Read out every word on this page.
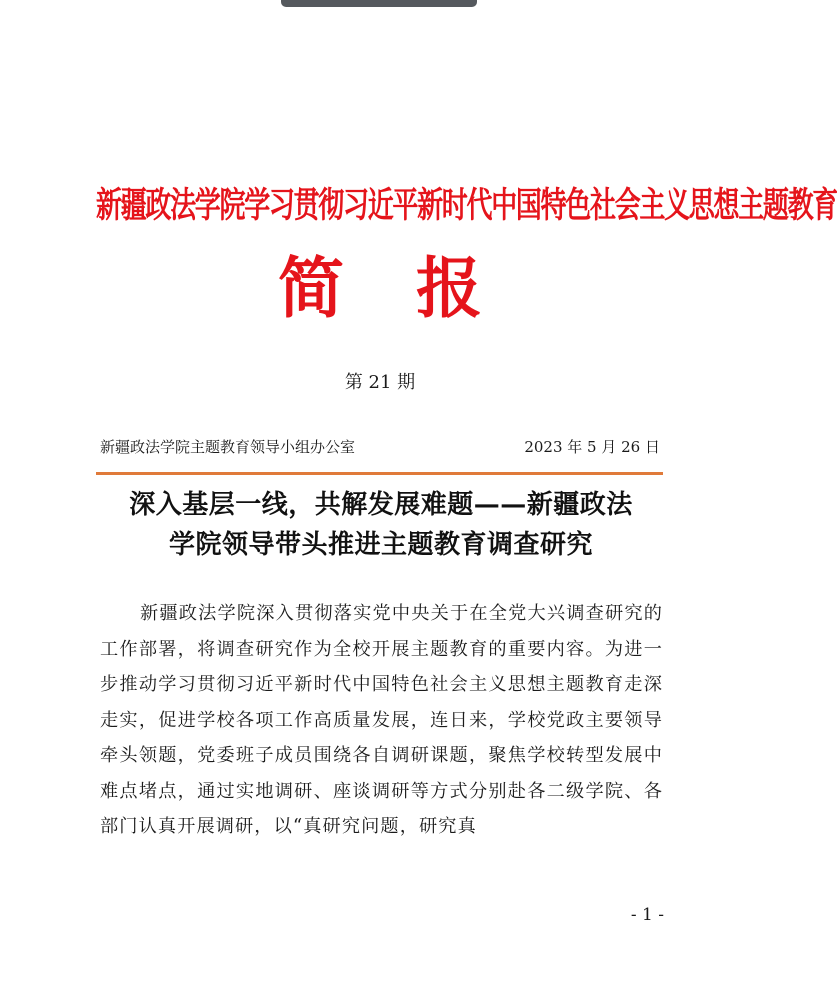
新疆政法学院学习贯彻习近平新时代中国特色社会主义思想主题教育
简报
第 21 期
新疆政法学院主题教育领导小组办公室	2023 年 5 月 26 日
深入基层一线，共解发展难题——新疆政法
学院领导带头推进主题教育调查研究

新疆政法学院深入贯彻落实党中央关于在全党大兴调查研究的工作部署，将调查研究作为全校开展主题教育的重要内容。为进一步推动学习贯彻习近平新时代中国特色社会主义思想主题教育走深走实，促进学校各项工作高质量发展，连日来，学校党政主要领导牵头领题，党委班子成员围绕各自调研课题，聚焦学校转型发展中难点堵点，通过实地调研、座谈调研等方式分别赴各二级学院、各部门认真开展调研，以“真研究问题，研究真

- 1 -
